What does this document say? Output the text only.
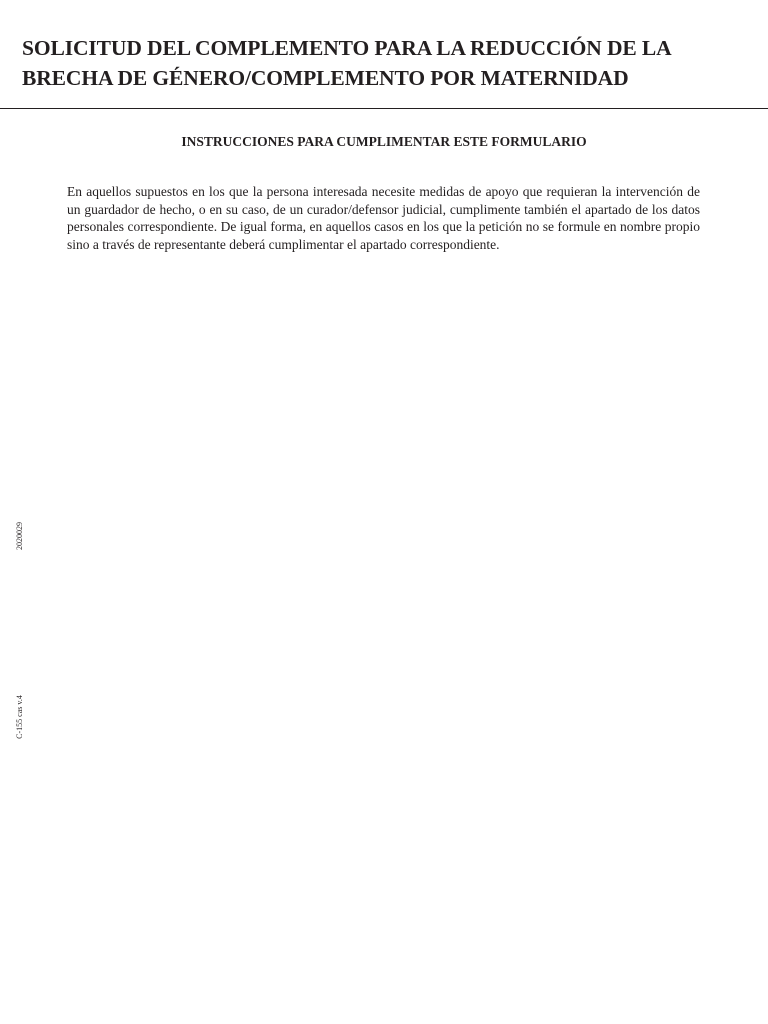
SOLICITUD DEL COMPLEMENTO PARA LA REDUCCIÓN DE LA
BRECHA DE GÉNERO/COMPLEMENTO POR MATERNIDAD
INSTRUCCIONES PARA CUMPLIMENTAR ESTE FORMULARIO

En aquellos supuestos en los que la persona interesada necesite medidas de apoyo que requieran la intervención de un guardador de hecho, o en su caso, de un curador/defensor judicial, cumplimente también el apartado de los datos personales correspondiente. De igual forma, en aquellos casos en los que la petición no se formule en nombre propio sino a través de representante deberá cumplimentar el apartado correspondiente.

2020029
C-155 cas v.4
